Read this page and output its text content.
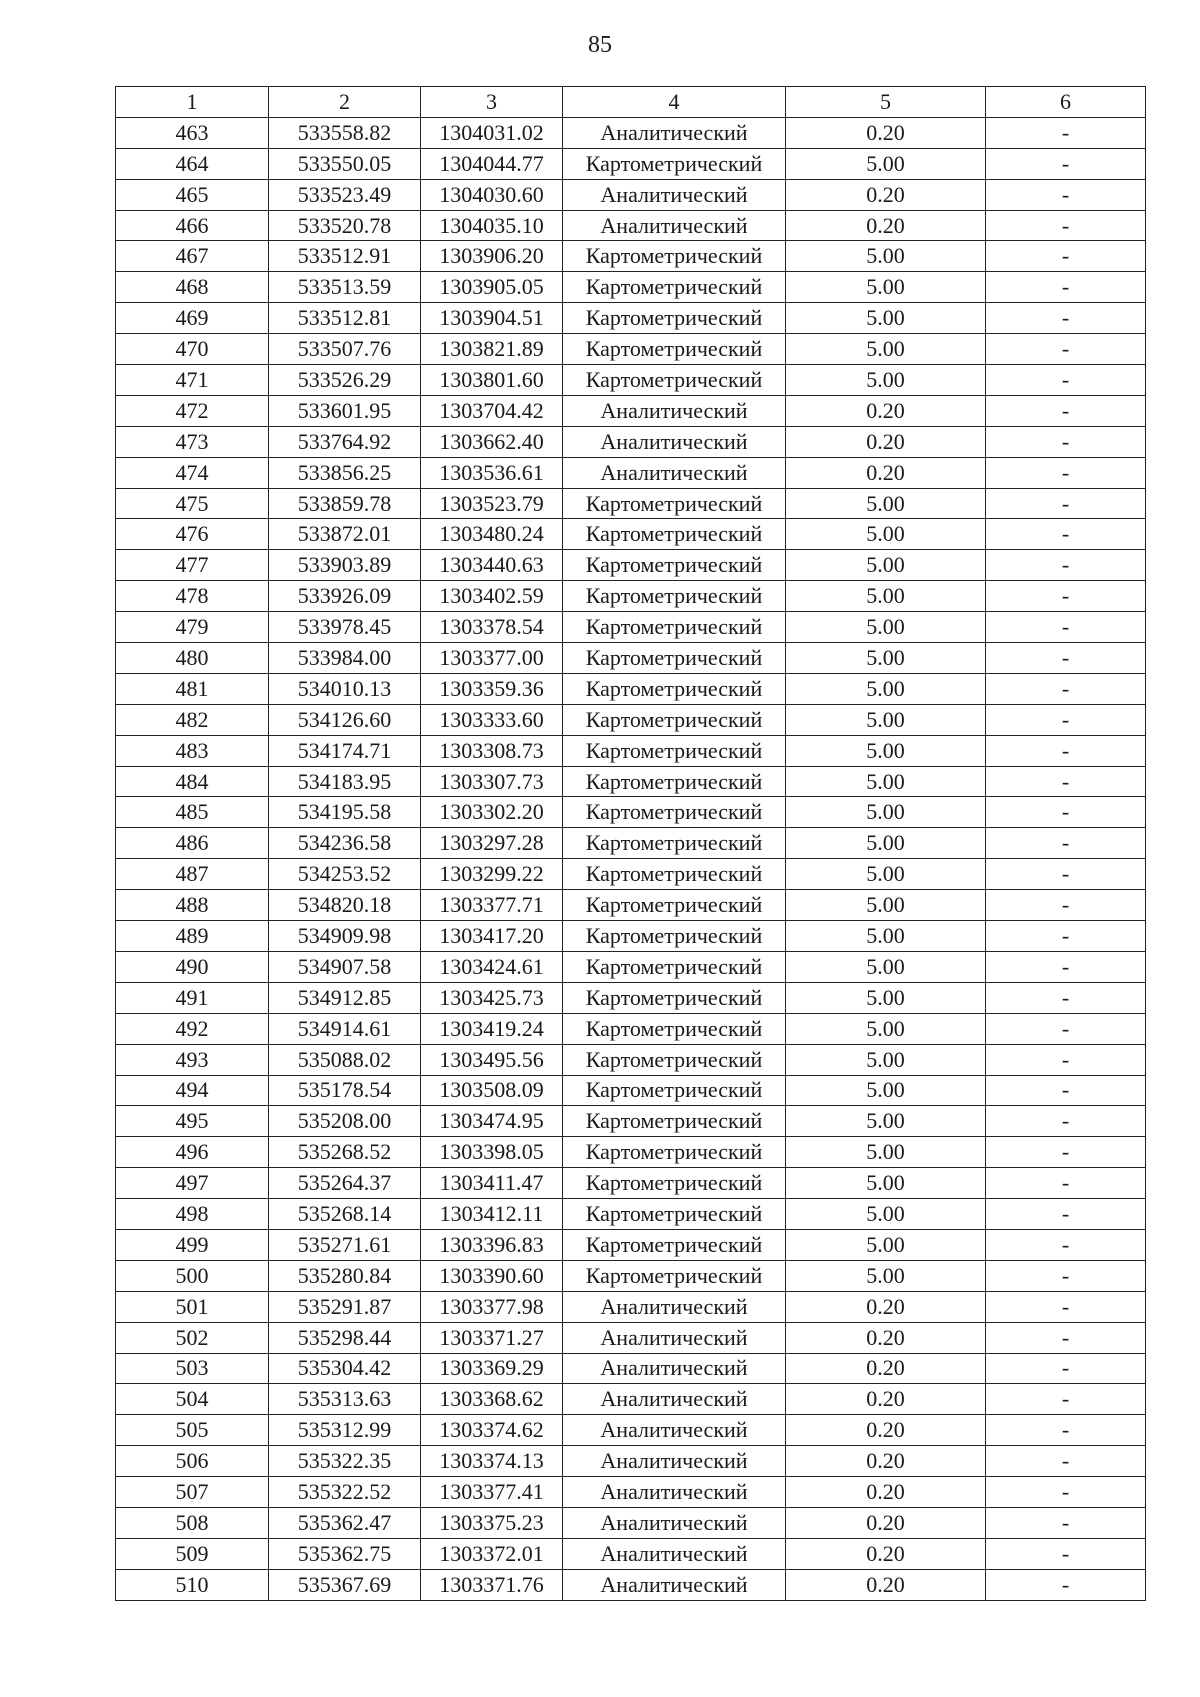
85
1	2	3	4	5	6
463	533558.82	1304031.02	Аналитический	0.20	-
464	533550.05	1304044.77	Картометрический	5.00	-
465	533523.49	1304030.60	Аналитический	0.20	-
466	533520.78	1304035.10	Аналитический	0.20	-
467	533512.91	1303906.20	Картометрический	5.00	-
468	533513.59	1303905.05	Картометрический	5.00	-
469	533512.81	1303904.51	Картометрический	5.00	-
470	533507.76	1303821.89	Картометрический	5.00	-
471	533526.29	1303801.60	Картометрический	5.00	-
472	533601.95	1303704.42	Аналитический	0.20	-
473	533764.92	1303662.40	Аналитический	0.20	-
474	533856.25	1303536.61	Аналитический	0.20	-
475	533859.78	1303523.79	Картометрический	5.00	-
476	533872.01	1303480.24	Картометрический	5.00	-
477	533903.89	1303440.63	Картометрический	5.00	-
478	533926.09	1303402.59	Картометрический	5.00	-
479	533978.45	1303378.54	Картометрический	5.00	-
480	533984.00	1303377.00	Картометрический	5.00	-
481	534010.13	1303359.36	Картометрический	5.00	-
482	534126.60	1303333.60	Картометрический	5.00	-
483	534174.71	1303308.73	Картометрический	5.00	-
484	534183.95	1303307.73	Картометрический	5.00	-
485	534195.58	1303302.20	Картометрический	5.00	-
486	534236.58	1303297.28	Картометрический	5.00	-
487	534253.52	1303299.22	Картометрический	5.00	-
488	534820.18	1303377.71	Картометрический	5.00	-
489	534909.98	1303417.20	Картометрический	5.00	-
490	534907.58	1303424.61	Картометрический	5.00	-
491	534912.85	1303425.73	Картометрический	5.00	-
492	534914.61	1303419.24	Картометрический	5.00	-
493	535088.02	1303495.56	Картометрический	5.00	-
494	535178.54	1303508.09	Картометрический	5.00	-
495	535208.00	1303474.95	Картометрический	5.00	-
496	535268.52	1303398.05	Картометрический	5.00	-
497	535264.37	1303411.47	Картометрический	5.00	-
498	535268.14	1303412.11	Картометрический	5.00	-
499	535271.61	1303396.83	Картометрический	5.00	-
500	535280.84	1303390.60	Картометрический	5.00	-
501	535291.87	1303377.98	Аналитический	0.20	-
502	535298.44	1303371.27	Аналитический	0.20	-
503	535304.42	1303369.29	Аналитический	0.20	-
504	535313.63	1303368.62	Аналитический	0.20	-
505	535312.99	1303374.62	Аналитический	0.20	-
506	535322.35	1303374.13	Аналитический	0.20	-
507	535322.52	1303377.41	Аналитический	0.20	-
508	535362.47	1303375.23	Аналитический	0.20	-
509	535362.75	1303372.01	Аналитический	0.20	-
510	535367.69	1303371.76	Аналитический	0.20	-
